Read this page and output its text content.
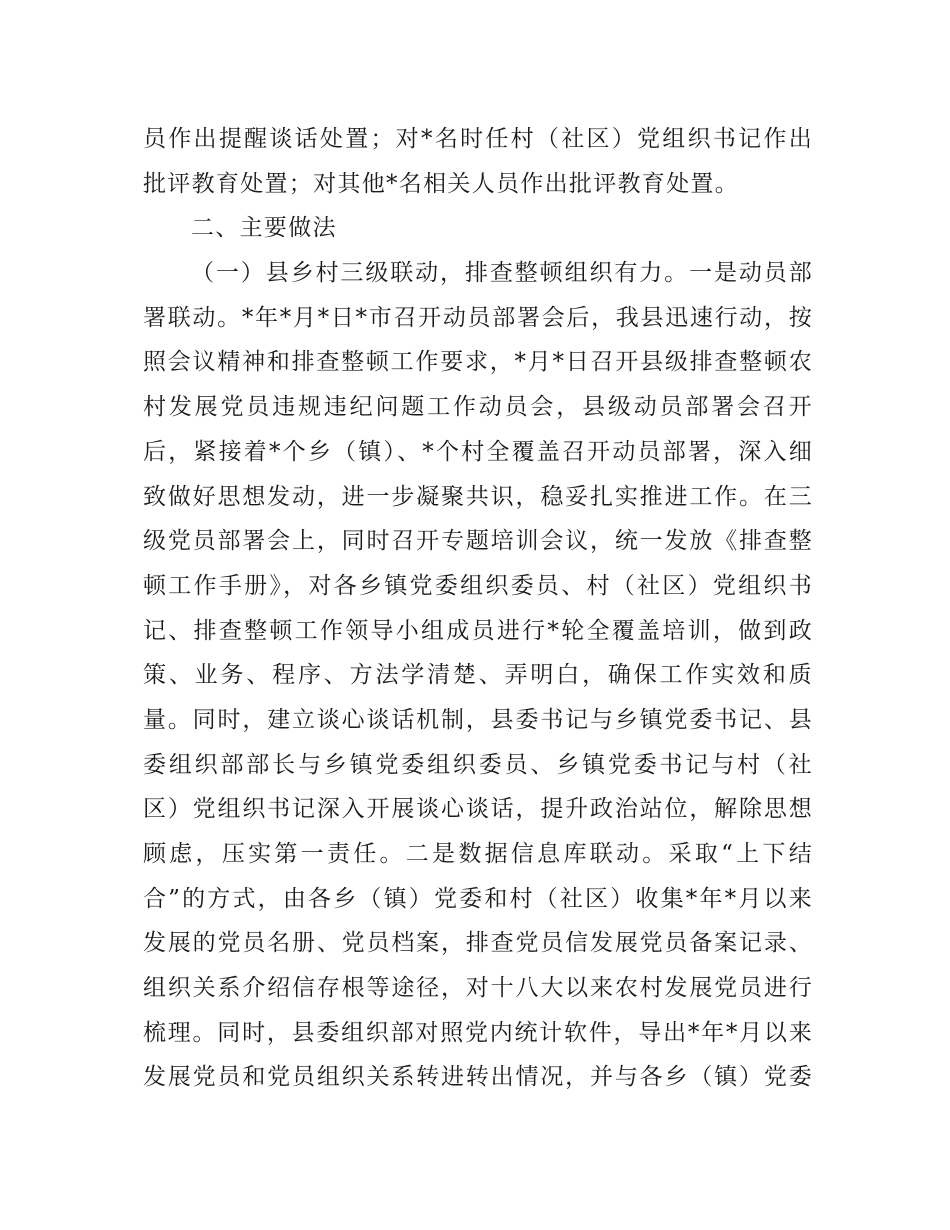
员作出提醒谈话处置；对*名时任村（社区）党组织书记作出
批评教育处置；对其他*名相关人员作出批评教育处置。
二、主要做法
（一）县乡村三级联动，排查整顿组织有力。一是动员部
署联动。*年*月*日*市召开动员部署会后，我县迅速行动，按
照会议精神和排查整顿工作要求，*月*日召开县级排查整顿农
村发展党员违规违纪问题工作动员会，县级动员部署会召开
后，紧接着*个乡（镇）、*个村全覆盖召开动员部署，深入细
致做好思想发动，进一步凝聚共识，稳妥扎实推进工作。在三
级党员部署会上，同时召开专题培训会议，统一发放《排查整
顿工作手册》，对各乡镇党委组织委员、村（社区）党组织书
记、排查整顿工作领导小组成员进行*轮全覆盖培训，做到政
策、业务、程序、方法学清楚、弄明白，确保工作实效和质
量。同时，建立谈心谈话机制，县委书记与乡镇党委书记、县
委组织部部长与乡镇党委组织委员、乡镇党委书记与村（社
区）党组织书记深入开展谈心谈话，提升政治站位，解除思想
顾虑，压实第一责任。二是数据信息库联动。采取“上下结
合”的方式，由各乡（镇）党委和村（社区）收集*年*月以来
发展的党员名册、党员档案，排查党员信发展党员备案记录、
组织关系介绍信存根等途径，对十八大以来农村发展党员进行
梳理。同时，县委组织部对照党内统计软件，导出*年*月以来
发展党员和党员组织关系转进转出情况，并与各乡（镇）党委
